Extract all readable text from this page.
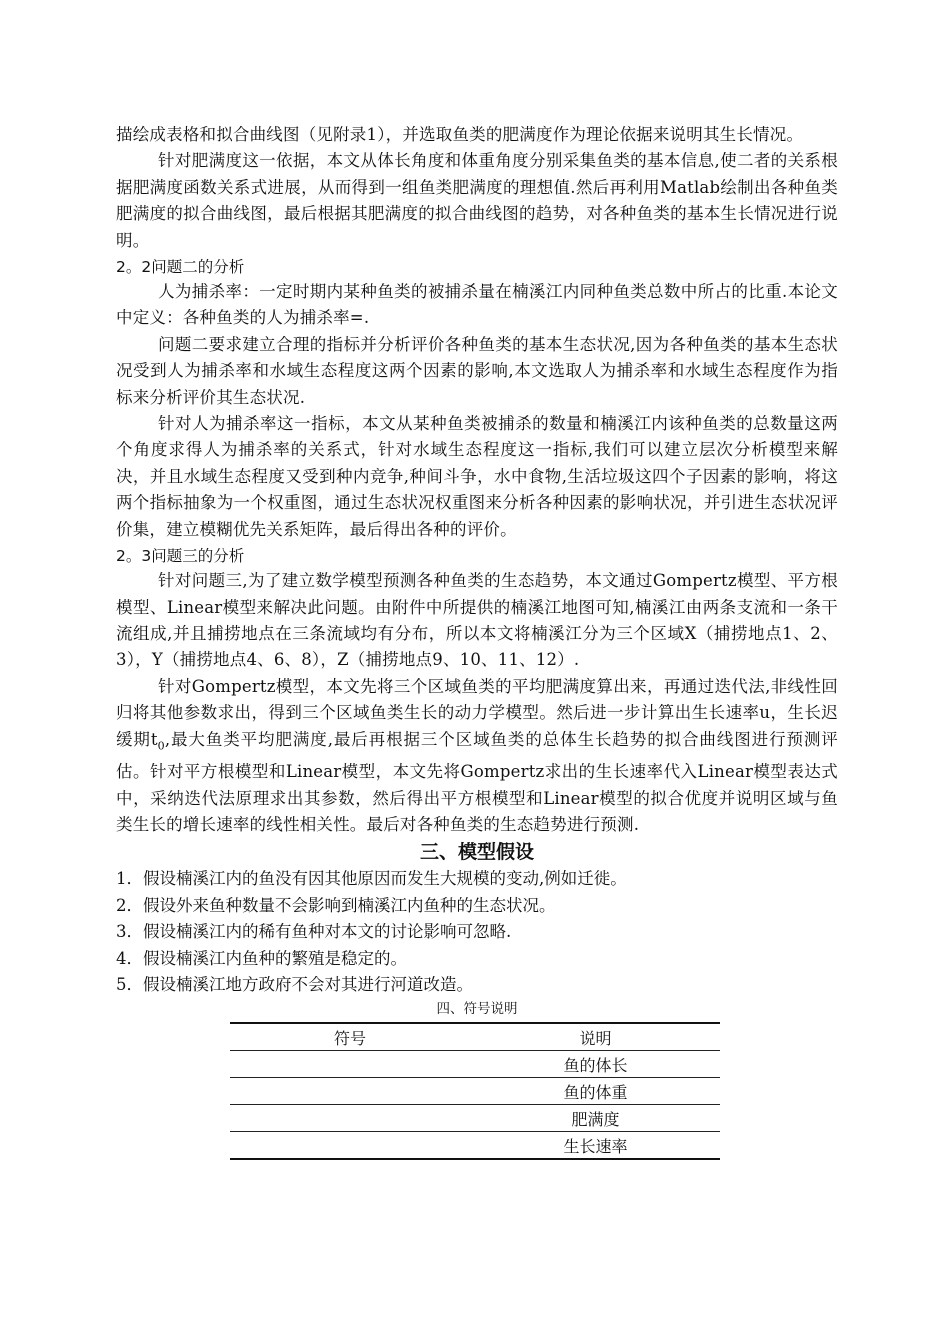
描绘成表格和拟合曲线图（见附录1），并选取鱼类的肥满度作为理论依据来说明其生长情况。

针对肥满度这一依据，本文从体长角度和体重角度分别采集鱼类的基本信息,使二者的关系根据肥满度函数关系式进展，从而得到一组鱼类肥满度的理想值.然后再利用Matlab绘制出各种鱼类肥满度的拟合曲线图，最后根据其肥满度的拟合曲线图的趋势，对各种鱼类的基本生长情况进行说明。

2。2问题二的分析

人为捕杀率：一定时期内某种鱼类的被捕杀量在楠溪江内同种鱼类总数中所占的比重.本论文中定义：各种鱼类的人为捕杀率=.

问题二要求建立合理的指标并分析评价各种鱼类的基本生态状况,因为各种鱼类的基本生态状况受到人为捕杀率和水域生态程度这两个因素的影响,本文选取人为捕杀率和水域生态程度作为指标来分析评价其生态状况.

针对人为捕杀率这一指标，本文从某种鱼类被捕杀的数量和楠溪江内该种鱼类的总数量这两个角度求得人为捕杀率的关系式，针对水域生态程度这一指标,我们可以建立层次分析模型来解决，并且水域生态程度又受到种内竞争,种间斗争，水中食物,生活垃圾这四个子因素的影响，将这两个指标抽象为一个权重图，通过生态状况权重图来分析各种因素的影响状况，并引进生态状况评价集，建立模糊优先关系矩阵，最后得出各种的评价。

2。3问题三的分析

针对问题三,为了建立数学模型预测各种鱼类的生态趋势，本文通过Gompertz模型、平方根模型、Linear模型来解决此问题。由附件中所提供的楠溪江地图可知,楠溪江由两条支流和一条干流组成,并且捕捞地点在三条流域均有分布，所以本文将楠溪江分为三个区域X（捕捞地点1、2、3），Y（捕捞地点4、6、8），Z（捕捞地点9、10、11、12）.

针对Gompertz模型，本文先将三个区域鱼类的平均肥满度算出来，再通过迭代法,非线性回归将其他参数求出，得到三个区域鱼类生长的动力学模型。然后进一步计算出生长速率u，生长迟缓期$t_0$,最大鱼类平均肥满度,最后再根据三个区域鱼类的总体生长趋势的拟合曲线图进行预测评估。针对平方根模型和Linear模型，本文先将Gompertz求出的生长速率代入Linear模型表达式中，采纳迭代法原理求出其参数，然后得出平方根模型和Linear模型的拟合优度并说明区域与鱼类生长的增长速率的线性相关性。最后对各种鱼类的生态趋势进行预测.

三、模型假设

1．假设楠溪江内的鱼没有因其他原因而发生大规模的变动,例如迁徙。

2．假设外来鱼种数量不会影响到楠溪江内鱼种的生态状况。

3．假设楠溪江内的稀有鱼种对本文的讨论影响可忽略.

4．假设楠溪江内鱼种的繁殖是稳定的。

5．假设楠溪江地方政府不会对其进行河道改造。

四、符号说明

符号	说明
	鱼的体长
	鱼的体重
	肥满度
	生长速率
